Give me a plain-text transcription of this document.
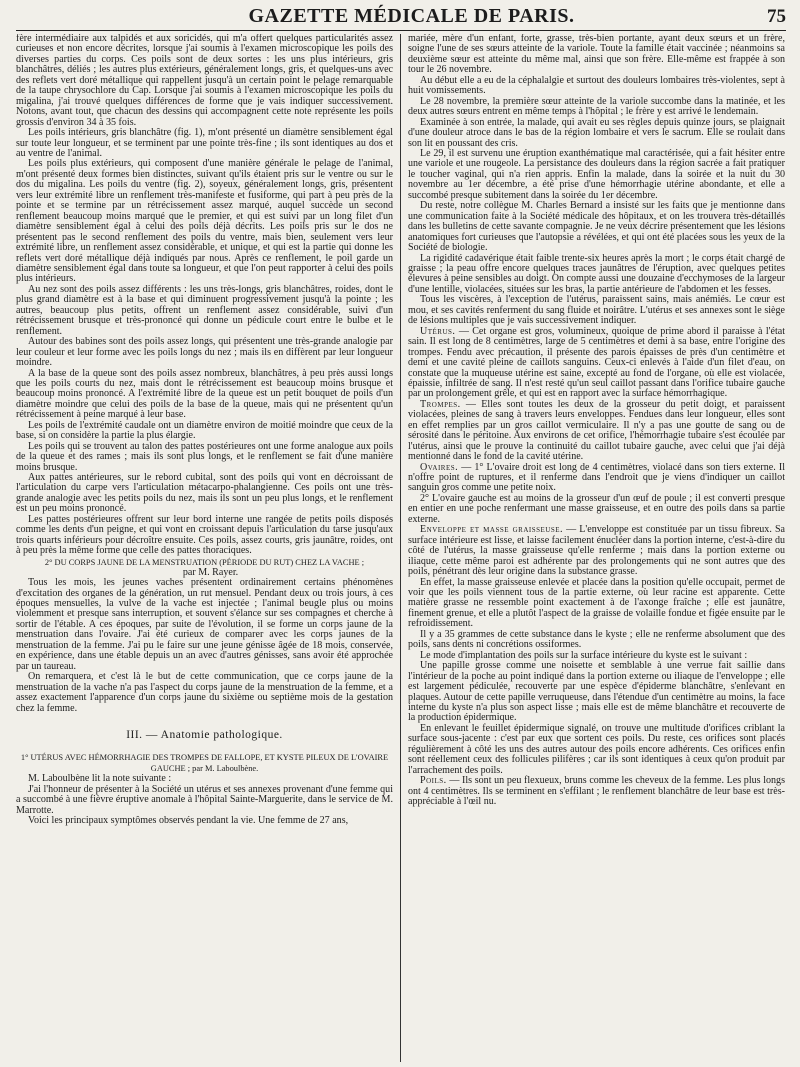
GAZETTE MÉDICALE DE PARIS.	75

fère intermédiaire aux talpidés et aux soricidés, qui m'a offert quelques particularités assez curieuses et non encore décrites, lorsque j'ai soumis à l'examen microscopique les poils des diverses parties du corps. Ces poils sont de deux sortes : les uns plus intérieurs, gris blanchâtres, déliés ; les autres plus extérieurs, généralement longs, gris, et quelques-uns avec des reflets vert doré métallique qui rappellent jusqu'à un certain point le pelage remarquable de la taupe chrysochlore du Cap. Lorsque j'ai soumis à l'examen microscopique les poils du migalina, j'ai trouvé quelques différences de forme que je vais indiquer successivement. Notons, avant tout, que chacun des dessins qui accompagnent cette note représente les poils grossis d'environ 34 à 35 fois.

Les poils intérieurs, gris blanchâtre (fig. 1), m'ont présenté un diamètre sensiblement égal sur toute leur longueur, et se terminent par une pointe très-fine ; ils sont identiques au dos et au ventre de l'animal.

Les poils plus extérieurs, qui composent d'une manière générale le pelage de l'animal, m'ont présenté deux formes bien distinctes, suivant qu'ils étaient pris sur le ventre ou sur le dos du migalina. Les poils du ventre (fig. 2), soyeux, généralement longs, gris, présentent vers leur extrémité libre un renflement très-manifeste et fusiforme, qui part à peu près de la pointe et se termine par un rétrécissement assez marqué, auquel succède un second renflement beaucoup moins marqué que le premier, et qui est suivi par un long filet d'un diamètre sensiblement égal à celui des poils déjà décrits. Les poils pris sur le dos ne présentent pas le second renflement des poils du ventre, mais bien, seulement vers leur extrémité libre, un renflement assez considérable, et unique, et qui est la partie qui donne les reflets vert doré métallique déjà indiqués par nous. Après ce renflement, le poil garde un diamètre sensiblement égal dans toute sa longueur, et que l'on peut rapporter à celui des poils plus intérieurs.

Au nez sont des poils assez différents : les uns très-longs, gris blanchâtres, roides, dont le plus grand diamètre est à la base et qui diminuent progressivement jusqu'à la pointe ; les autres, beaucoup plus petits, offrent un renflement assez considérable, suivi d'un rétrécissement brusque et très-prononcé qui donne un pédicule court entre le bulbe et le renflement.

Autour des babines sont des poils assez longs, qui présentent une très-grande analogie par leur couleur et leur forme avec les poils longs du nez ; mais ils en diffèrent par leur longueur moindre.

A la base de la queue sont des poils assez nombreux, blanchâtres, à peu près aussi longs que les poils courts du nez, mais dont le rétrécissement est beaucoup moins brusque et beaucoup moins prononcé. A l'extrémité libre de la queue est un petit bouquet de poils d'un diamètre moindre que celui des poils de la base de la queue, mais qui ne présentent qu'un rétrécissement à peine marqué à leur base.

Les poils de l'extrémité caudale ont un diamètre environ de moitié moindre que ceux de la base, si on considère la partie la plus élargie.

Les poils qui se trouvent au talon des pattes postérieures ont une forme analogue aux poils de la queue et des rames ; mais ils sont plus longs, et le renflement se fait d'une manière moins brusque.

Aux pattes antérieures, sur le rebord cubital, sont des poils qui vont en décroissant de l'articulation du carpe vers l'articulation métacarpo-phalangienne. Ces poils ont une très-grande analogie avec les petits poils du nez, mais ils sont un peu plus longs, et le renflement est un peu moins prononcé.

Les pattes postérieures offrent sur leur bord interne une rangée de petits poils disposés comme les dents d'un peigne, et qui vont en croissant depuis l'articulation du tarse jusqu'aux trois quarts inférieurs pour décroître ensuite. Ces poils, assez courts, gris jaunâtre, roides, ont à peu près la même forme que celle des pattes thoraciques.

2° DU CORPS JAUNE DE LA MENSTRUATION (PÉRIODE DU RUT) CHEZ LA VACHE ;

par M. Rayer.

Tous les mois, les jeunes vaches présentent ordinairement certains phénomènes d'excitation des organes de la génération, un rut mensuel. Pendant deux ou trois jours, à ces époques mensuelles, la vulve de la vache est injectée ; l'animal beugle plus ou moins violemment et presque sans interruption, et souvent s'élance sur ses compagnes et cherche à sortir de l'étable. A ces époques, par suite de l'évolution, il se forme un corps jaune de la menstruation dans l'ovaire. J'ai été curieux de comparer avec les corps jaunes de la menstruation de la femme. J'ai pu le faire sur une jeune génisse âgée de 18 mois, conservée, en expérience, dans une étable depuis un an avec d'autres génisses, sans avoir été approchée par un taureau.

On remarquera, et c'est là le but de cette communication, que ce corps jaune de la menstruation de la vache n'a pas l'aspect du corps jaune de la menstruation de la femme, et a assez exactement l'apparence d'un corps jaune du sixième ou septième mois de la gestation chez la femme.

III. — Anatomie pathologique.

1° UTÉRUS AVEC HÉMORRHAGIE DES TROMPES DE FALLOPE, ET KYSTE PILEUX DE L'OVAIRE GAUCHE ; par M. Laboulbène.

M. Laboulbène lit la note suivante :

J'ai l'honneur de présenter à la Société un utérus et ses annexes provenant d'une femme qui a succombé à une fièvre éruptive anomale à l'hôpital Sainte-Marguerite, dans le service de M. Marrotte.

Voici les principaux symptômes observés pendant la vie. Une femme de 27 ans,

mariée, mère d'un enfant, forte, grasse, très-bien portante, ayant deux sœurs et un frère, soigne l'une de ses sœurs atteinte de la variole. Toute la famille était vaccinée ; néanmoins sa deuxième sœur est atteinte du même mal, ainsi que son frère. Elle-même est frappée à son tour le 26 novembre.

Au début elle a eu de la céphalalgie et surtout des douleurs lombaires très-violentes, sept à huit vomissements.

Le 28 novembre, la première sœur atteinte de la variole succombe dans la matinée, et les deux autres sœurs entrent en même temps à l'hôpital ; le frère y est arrivé le lendemain.

Examinée à son entrée, la malade, qui avait eu ses règles depuis quinze jours, se plaignait d'une douleur atroce dans le bas de la région lombaire et vers le sacrum. Elle se roulait dans son lit en poussant des cris.

Le 29, il est survenu une éruption exanthématique mal caractérisée, qui a fait hésiter entre une variole et une rougeole. La persistance des douleurs dans la région sacrée a fait pratiquer le toucher vaginal, qui n'a rien appris. Enfin la malade, dans la soirée et la nuit du 30 novembre au 1er décembre, a été prise d'une hémorrhagie utérine abondante, et elle a succombé presque subitement dans la soirée du 1er décembre.

Du reste, notre collègue M. Charles Bernard a insisté sur les faits que je mentionne dans une communication faite à la Société médicale des hôpitaux, et on les trouvera très-détaillés dans les bulletins de cette savante compagnie. Je ne veux décrire présentement que les lésions anatomiques fort curieuses que l'autopsie a révélées, et qui ont été placées sous les yeux de la Société de biologie.

La rigidité cadavérique était faible trente-six heures après la mort ; le corps était chargé de graisse ; la peau offre encore quelques traces jaunâtres de l'éruption, avec quelques petites élevures à peine sensibles au doigt. On compte aussi une douzaine d'ecchymoses de la largeur d'une lentille, violacées, situées sur les bras, la partie antérieure de l'abdomen et les fesses.

Tous les viscères, à l'exception de l'utérus, paraissent sains, mais anémiés. Le cœur est mou, et ses cavités renferment du sang fluide et noirâtre. L'utérus et ses annexes sont le siège de lésions multiples que je vais successivement indiquer.

Utérus. — Cet organe est gros, volumineux, quoique de prime abord il paraisse à l'état sain. Il est long de 8 centimètres, large de 5 centimètres et demi à sa base, entre l'origine des trompes. Fendu avec précaution, il présente des parois épaisses de près d'un centimètre et demi et une cavité pleine de caillots sanguins. Ceux-ci enlevés à l'aide d'un filet d'eau, on constate que la muqueuse utérine est saine, excepté au fond de l'organe, où elle est violacée, épaissie, infiltrée de sang. Il n'est resté qu'un seul caillot passant dans l'orifice tubaire gauche par un prolongement grêle, et qui est en rapport avec la surface hémorrhagique.

Trompes. — Elles sont toutes les deux de la grosseur du petit doigt, et paraissent violacées, pleines de sang à travers leurs enveloppes. Fendues dans leur longueur, elles sont en effet remplies par un gros caillot vermiculaire. Il n'y a pas une goutte de sang ou de sérosité dans le péritoine. Aux environs de cet orifice, l'hémorrhagie tubaire s'est écoulée par l'utérus, ainsi que le prouve la continuité du caillot tubaire gauche, avec celui que j'ai déjà mentionné dans le fond de la cavité utérine.

Ovaires. — 1° L'ovaire droit est long de 4 centimètres, violacé dans son tiers externe. Il n'offre point de ruptures, et il renferme dans l'endroit que je viens d'indiquer un caillot sanguin gros comme une petite noix.

2° L'ovaire gauche est au moins de la grosseur d'un œuf de poule ; il est converti presque en entier en une poche renfermant une masse graisseuse, et en outre des poils dans sa partie externe.

Enveloppe et masse graisseuse. — L'enveloppe est constituée par un tissu fibreux. Sa surface intérieure est lisse, et laisse facilement énucléer dans la portion interne, c'est-à-dire du côté de l'utérus, la masse graisseuse qu'elle renferme ; mais dans la portion externe ou iliaque, cette même paroi est adhérente par des prolongements qui ne sont autres que des poils, pénétrant dès leur origine dans la substance grasse.

En effet, la masse graisseuse enlevée et placée dans la position qu'elle occupait, permet de voir que les poils viennent tous de la partie externe, où leur racine est apparente. Cette matière grasse ne ressemble point exactement à de l'axonge fraîche ; elle est jaunâtre, finement grenue, et elle a plutôt l'aspect de la graisse de volaille fondue et figée ensuite par le refroidissement.

Il y a 35 grammes de cette substance dans le kyste ; elle ne renferme absolument que des poils, sans dents ni concrétions ossiformes.

Le mode d'implantation des poils sur la surface intérieure du kyste est le suivant :

Une papille grosse comme une noisette et semblable à une verrue fait saillie dans l'intérieur de la poche au point indiqué dans la portion externe ou iliaque de l'enveloppe ; elle est largement pédiculée, recouverte par une espèce d'épiderme blanchâtre, s'enlevant en plaques. Autour de cette papille verruqueuse, dans l'étendue d'un centimètre au moins, la face interne du kyste n'a plus son aspect lisse ; mais elle est de même blanchâtre et recouverte de la production épidermique.

En enlevant le feuillet épidermique signalé, on trouve une multitude d'orifices criblant la surface sous-jacente : c'est par eux que sortent ces poils. Du reste, ces orifices sont placés régulièrement à côté les uns des autres autour des poils encore adhérents. Ces orifices enfin sont réellement ceux des follicules pilifères ; car ils sont identiques à ceux qu'on produit par l'arrachement des poils.

Poils. — Ils sont un peu flexueux, bruns comme les cheveux de la femme. Les plus longs ont 4 centimètres. Ils se terminent en s'effilant ; le renflement blanchâtre de leur base est très-appréciable à l'œil nu.
